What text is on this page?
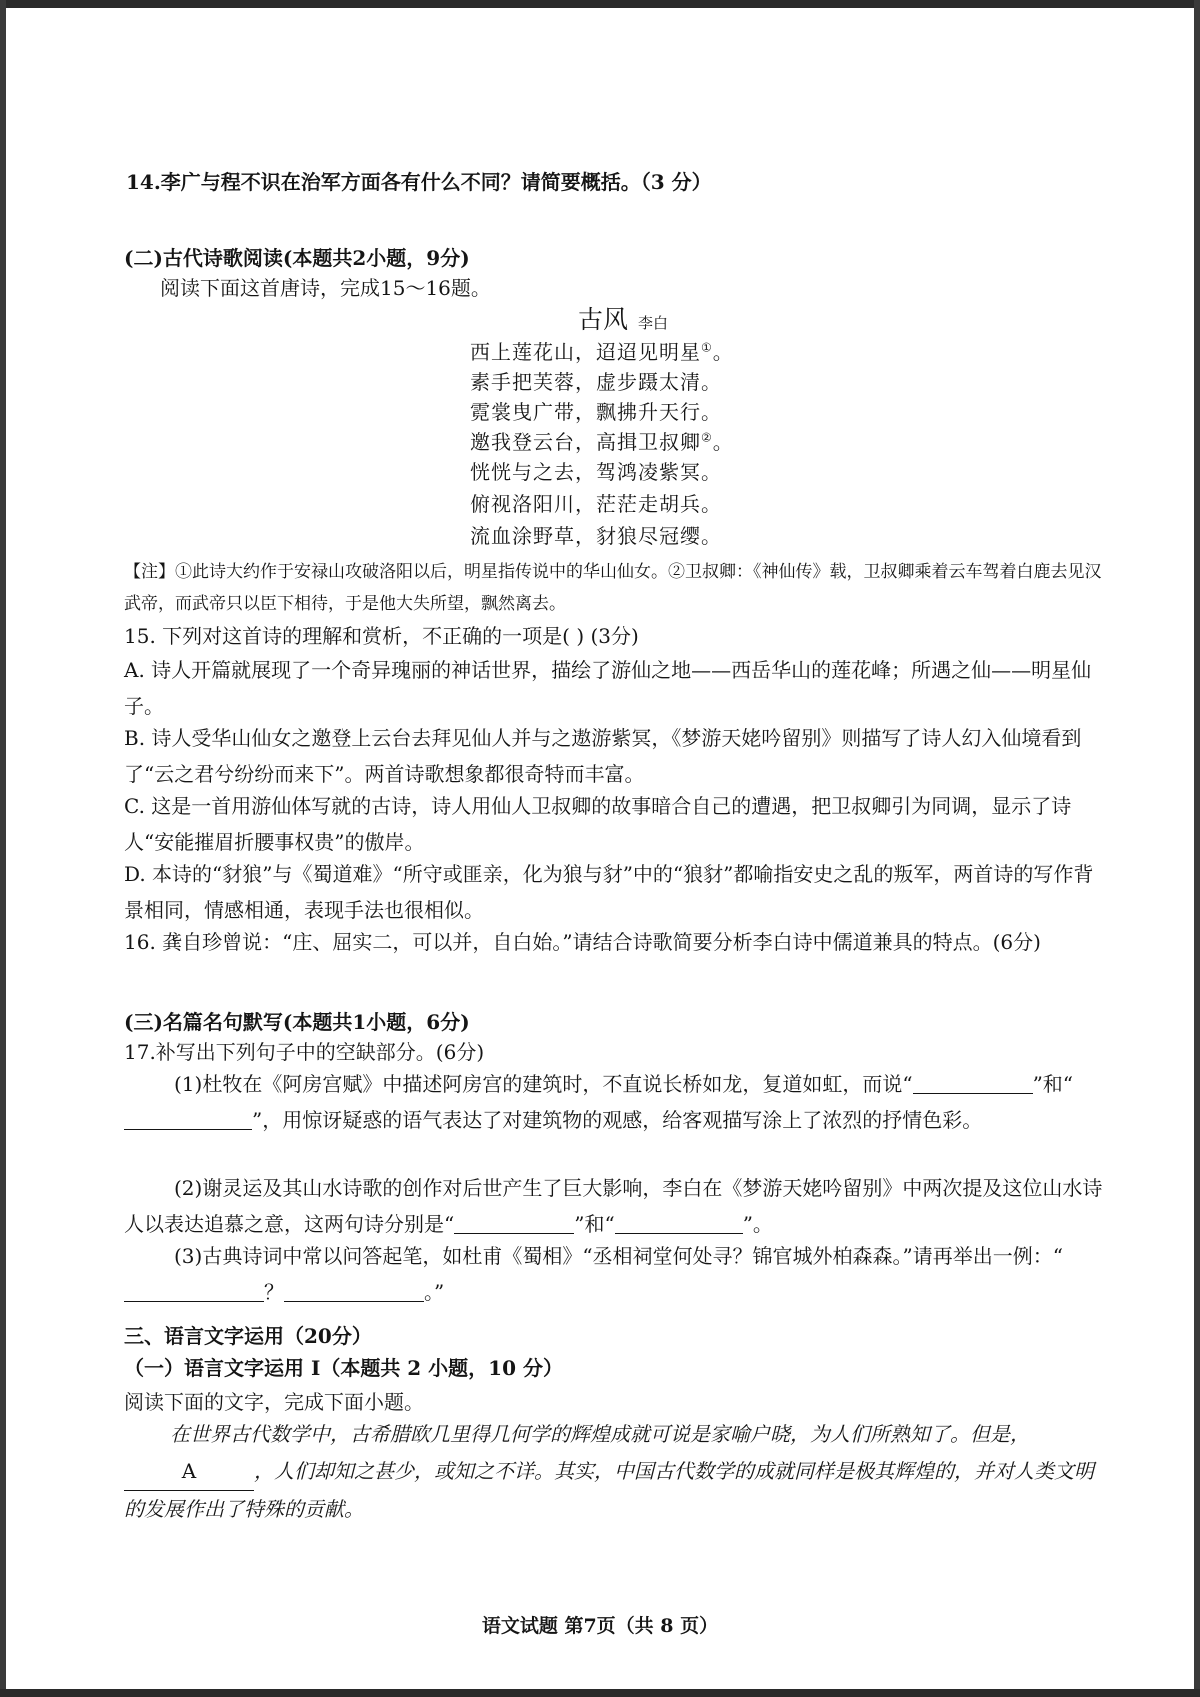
14.李广与程不识在治军方面各有什么不同？请简要概括。（3 分）

(二)古代诗歌阅读(本题共2小题，9分)

阅读下面这首唐诗，完成15～16题。

古风 李白

西上莲花山，迢迢见明星①。

素手把芙蓉，虚步蹑太清。

霓裳曳广带，飘拂升天行。

邀我登云台，高揖卫叔卿②。

恍恍与之去，驾鸿凌紫冥。

俯视洛阳川，茫茫走胡兵。

流血涂野草，豺狼尽冠缨。

【注】①此诗大约作于安禄山攻破洛阳以后，明星指传说中的华山仙女。②卫叔卿：《神仙传》载，卫叔卿乘着云车驾着白鹿去见汉武帝，而武帝只以臣下相待，于是他大失所望，飘然离去。

15. 下列对这首诗的理解和赏析，不正确的一项是( ) (3分)

A. 诗人开篇就展现了一个奇异瑰丽的神话世界，描绘了游仙之地——西岳华山的莲花峰；所遇之仙——明星仙子。

B. 诗人受华山仙女之邀登上云台去拜见仙人并与之遨游紫冥，《梦游天姥吟留别》则描写了诗人幻入仙境看到了“云之君兮纷纷而来下”。两首诗歌想象都很奇特而丰富。

C. 这是一首用游仙体写就的古诗，诗人用仙人卫叔卿的故事暗合自己的遭遇，把卫叔卿引为同调，显示了诗人“安能摧眉折腰事权贵”的傲岸。

D. 本诗的“豺狼”与《蜀道难》“所守或匪亲，化为狼与豺”中的“狼豺”都喻指安史之乱的叛军，两首诗的写作背景相同，情感相通，表现手法也很相似。

16. 龚自珍曾说：“庄、屈实二，可以并，自白始。”请结合诗歌简要分析李白诗中儒道兼具的特点。(6分)

(三)名篇名句默写(本题共1小题，6分)

17.补写出下列句子中的空缺部分。(6分)

(1)杜牧在《阿房宫赋》中描述阿房宫的建筑时，不直说长桥如龙，复道如虹，而说“	”和“”，用惊讶疑惑的语气表达了对建筑物的观感，给客观描写涂上了浓烈的抒情色彩。

(2)谢灵运及其山水诗歌的创作对后世产生了巨大影响，李白在《梦游天姥吟留别》中两次提及这位山水诗人以表达追慕之意，这两句诗分别是“	”和“	”。

(3)古典诗词中常以问答起笔，如杜甫《蜀相》“丞相祠堂何处寻？锦官城外柏森森。”请再举出一例：“？	。”

三、语言文字运用（20分）

（一）语言文字运用 I（本题共 2 小题，10 分）

阅读下面的文字，完成下面小题。

在世界古代数学中，古希腊欧几里得几何学的辉煌成就可说是家喻户晓，为人们所熟知了。但是，A	，人们却知之甚少，或知之不详。其实，中国古代数学的成就同样是极其辉煌的，并对人类文明的发展作出了特殊的贡献。

语文试题 第7页（共 8 页）
